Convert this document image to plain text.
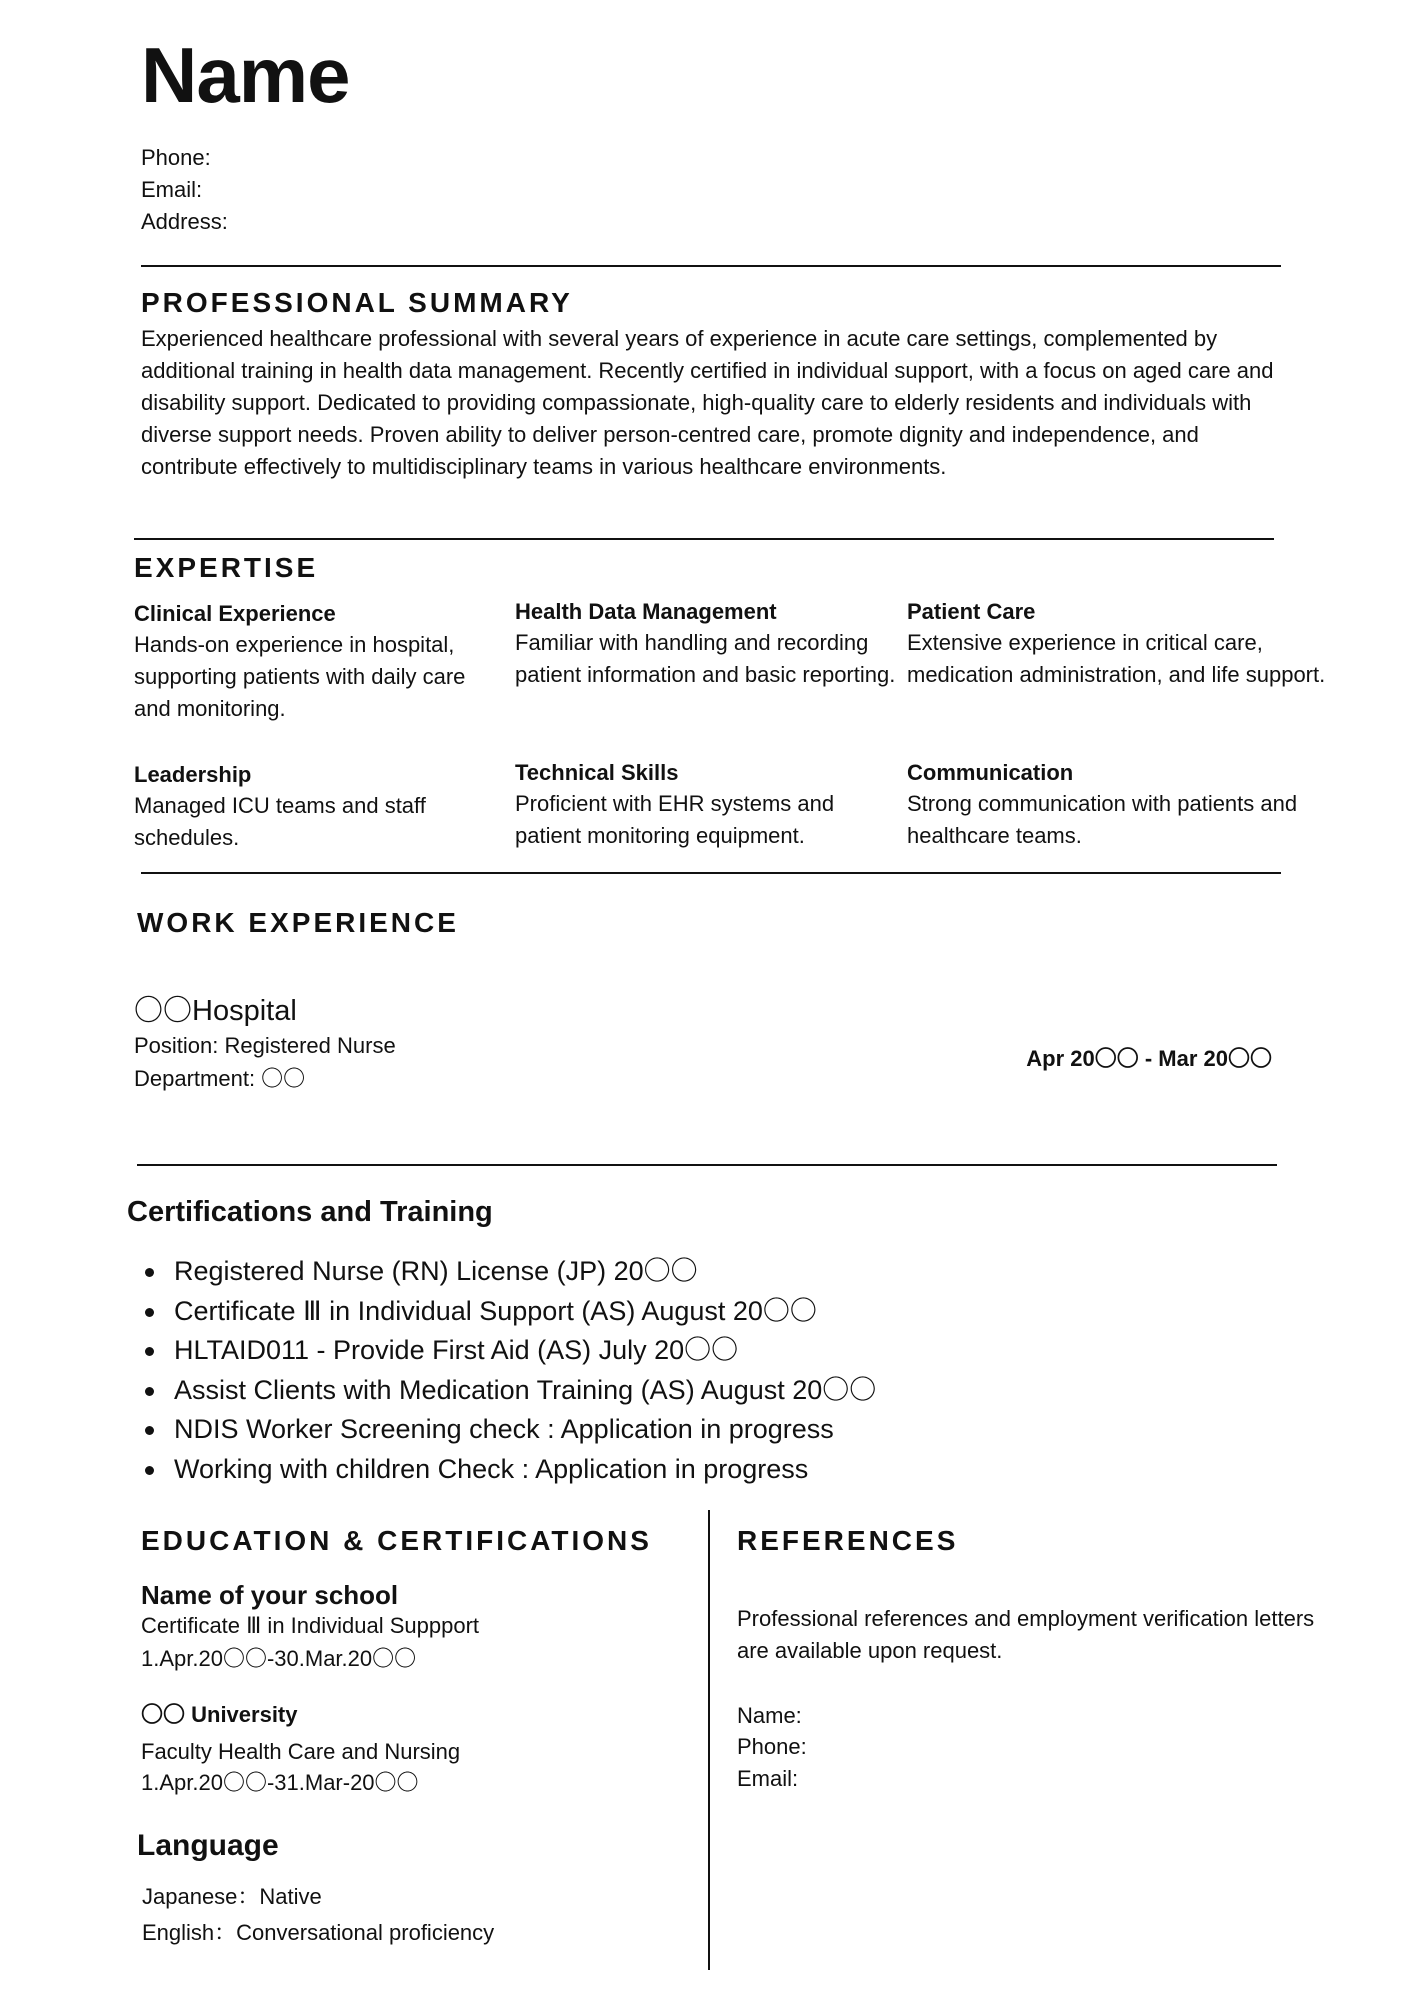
Name
Phone:
Email:
Address:
PROFESSIONAL SUMMARY
Experienced healthcare professional with several years of experience in acute care settings, complemented by additional training in health data management. Recently certified in individual support, with a focus on aged care and disability support. Dedicated to providing compassionate, high-quality care to elderly residents and individuals with diverse support needs. Proven ability to deliver person-centred care, promote dignity and independence, and contribute effectively to multidisciplinary teams in various healthcare environments.
EXPERTISE
Clinical Experience
Hands-on experience in hospital, supporting patients with daily care and monitoring.
Health Data Management
Familiar with handling and recording patient information and basic reporting.
Patient Care
Extensive experience in critical care, medication administration, and life support.
Leadership
Managed ICU teams and staff schedules.
Technical Skills
Proficient with EHR systems and patient monitoring equipment.
Communication
Strong communication with patients and healthcare teams.
WORK EXPERIENCE
〇〇Hospital
Position: Registered Nurse
Department: 〇〇
Apr 20〇〇 - Mar 20〇〇
Certifications and Training
Registered Nurse (RN) License (JP) 20〇〇
Certificate Ⅲ in Individual Support (AS) August 20〇〇
HLTAID011 - Provide First Aid (AS) July 20〇〇
Assist Clients with Medication Training (AS) August 20〇〇
NDIS Worker Screening check : Application in progress
Working with children Check : Application in progress
EDUCATION & CERTIFICATIONS
Name of your school
Certificate Ⅲ in Individual Suppport
1.Apr.20〇〇-30.Mar.20〇〇
〇〇 University
Faculty Health Care and Nursing
1.Apr.20〇〇-31.Mar-20〇〇
Language
Japanese：Native
English：Conversational proficiency
REFERENCES
Professional references and employment verification letters are available upon request.
Name:
Phone:
Email:
